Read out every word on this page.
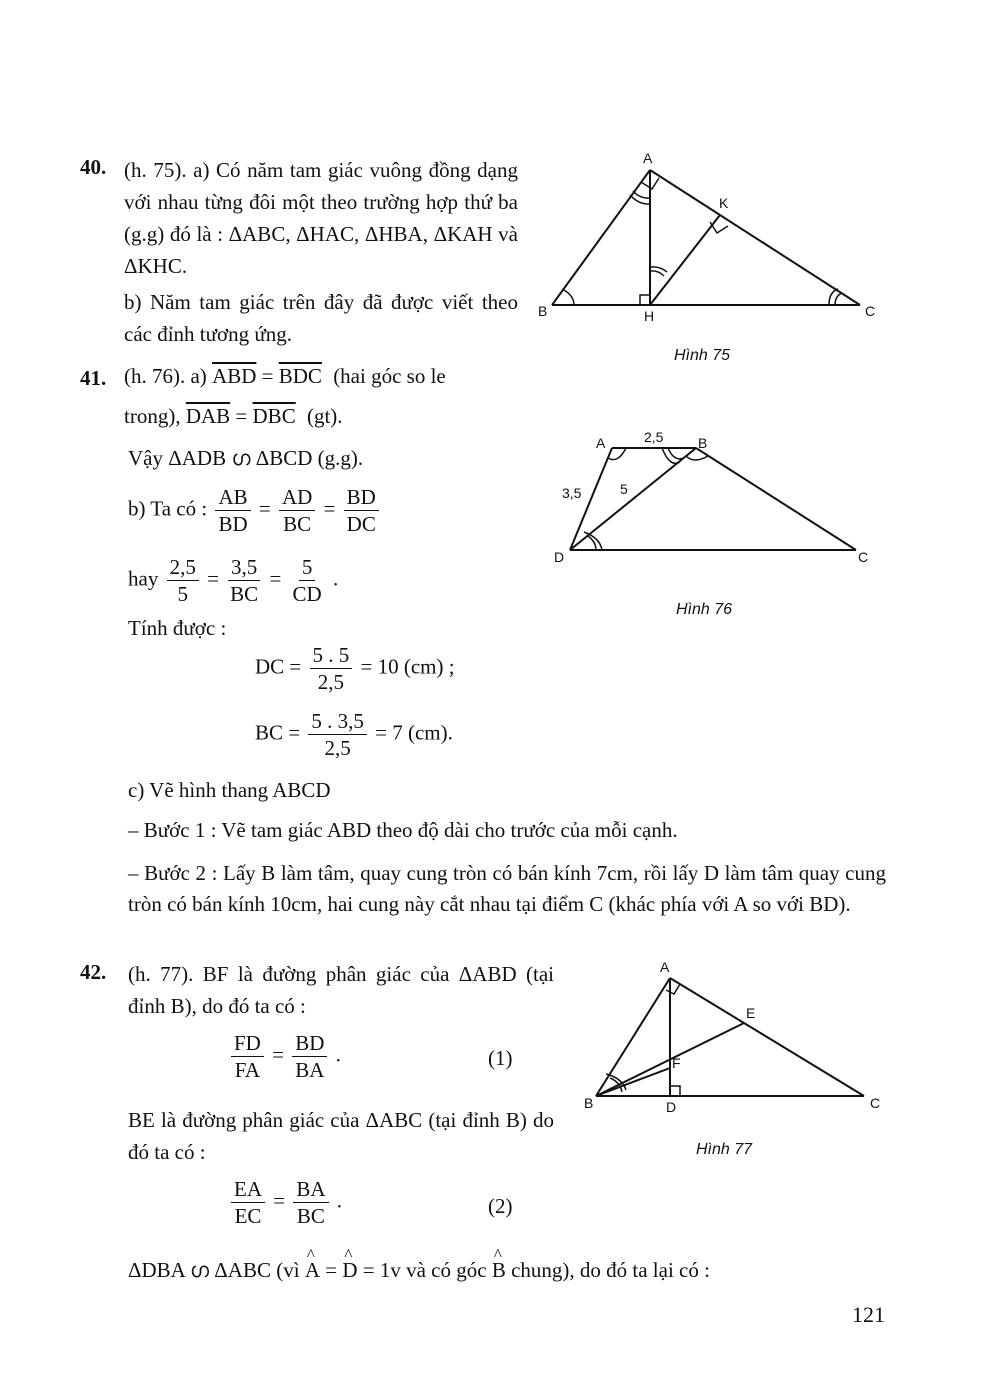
40. (h. 75). a) Có năm tam giác vuông đồng dạng với nhau từng đôi một theo trường hợp thứ ba (g.g) đó là : ΔABC, ΔHAC, ΔHBA, ΔKAH và ΔKHC.
b) Năm tam giác trên đây đã được viết theo các đỉnh tương ứng.
A
K
B	H	C
Hình 75
41. (h. 76). a) $\overline{ABD} = \overline{BDC}$ (hai góc so le
trong), $\overline{DAB} = \overline{DBC}$ (gt).
Vậy ΔADB ഗ ΔBCD (g.g).
b) Ta có : $\frac{AB}{BD} = \frac{AD}{BC} = \frac{BD}{DC}$
hay $\frac{2,5}{5} = \frac{3,5}{BC} = \frac{5}{CD}$ .
Tính được :
DC = $\frac{5 . 5}{2,5} = 10$ (cm) ;
BC = $\frac{5 . 3,5}{2,5} = 7$ (cm).
c) Vẽ hình thang ABCD
– Bước 1 : Vẽ tam giác ABD theo độ dài cho trước của mỗi cạnh.
– Bước 2 : Lấy B làm tâm, quay cung tròn có bán kính 7cm, rồi lấy D làm tâm quay cung tròn có bán kính 10cm, hai cung này cắt nhau tại điểm C (khác phía với A so với BD).
A	B
D	C
2,5
3,5	5
Hình 76
42. (h. 77). BF là đường phân giác của ΔABD (tại đỉnh B), do đó ta có :
$\frac{FD}{FA} = \frac{BD}{BA}$ .	(1)
BE là đường phân giác của ΔABC (tại đỉnh B) do đó ta có :
$\frac{EA}{EC} = \frac{BA}{BC}$ .	(2)
ΔDBA ഗ ΔABC (vì ^ A = ^ D = 1v và có góc ^ B chung), do đó ta lại có :
A
E
F
B	D	C
Hình 77
121
